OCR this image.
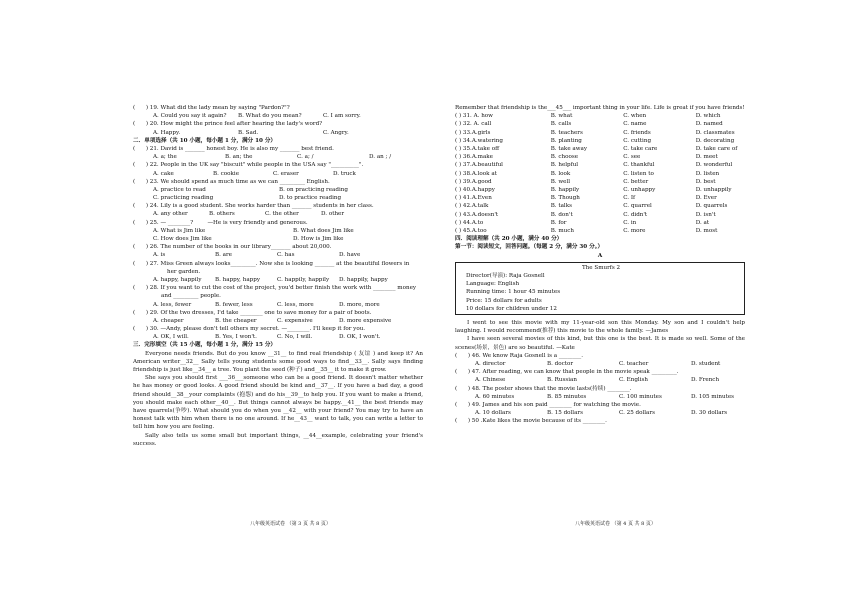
(      ) 19. What did the lady mean by saying "Pardon?"?
A. Could you say it again?	B. What do you mean?	C. I am sorry.
(      ) 20. How might the prince feel after hearing the lady's word?
A. Happy.	B. Sad.	C. Angry.
二．单项选择（共 10 小题，每小题 1 分，满分 10 分）
(      ) 21. David is _______ honest boy. He is also my _______ best friend.
A. a; the	B. an; the	C. a; /	D. an ; /
(      ) 22. People in the UK say "biscuit" while people in the USA say "__________".
A. cake	B. cookie	C. eraser	D. truck
(      ) 23. We should spend as much time as we can _________ English.
A. practice to read	B. on practicing reading
C. practicing reading	D. to practice reading
(      ) 24. Lily is a good student. She works harder than _______ students in her class.
A. any other	B. others	C. the other	D. other
(      ) 25. — ________?        —He is very friendly and generous.
A. What is Jim like	B. What does Jim like
C. How does Jim like	D. How is Jim like
(      ) 26. The number of the books in our library_______ about 20,000.
A. is	B. are	C. has	D. have
(      ) 27. Miss Green always looks_________. Now she is looking _______ at the beautiful flowers in
her garden.
A. happy, happily	B. happy, happy	C. happily, happily	D. happily, happy
(      ) 28. If you want to cut the cost of the project, you'd better finish the work with ________ money
and _________ people.
A. less, fewer	B. fewer, less	C. less, more	D. more, more
(      ) 29. Of the two dresses, I'd take ________ one to save money for a pair of boots.
A. cheaper	B. the cheaper	C. expensive	D. more expensive
(      ) 30. —Andy, please don't tell others my secret. —________. I'll keep it for you.
A. OK, I will.	B. Yes, I won't.	C. No, I will.	D. OK, I won't.
三．完形填空（共 15 小题，每小题 1 分，满分 15 分）

Everyone needs friends. But do you know __31__ to find real friendship ( 友谊 ) and keep it? An American writer__32__ Sally tells young students some good ways to find__33__. Sally says finding friendship is just like__34__ a tree. You plant the seed (种子) and__35__ it to make it grow.

She says you should first ___36___someone who can be a good friend. It doesn't matter whether he has money or good looks. A good friend should be kind and__37__. If you have a bad day, a good friend should__38__your complaints (抱怨) and do his__39__to help you. If you want to make a friend, you should make each other__40__. But things cannot always be happy.__41__ the best friends may have quarrels(争吵). What should you do when you __42__ with your friend? You may try to have an honest talk with him when there is no one around. If he__43__ want to talk, you can write a letter to tell him how you are feeling.

Sally also tells us some small but important things, __44__example, celebrating your friend's success.

八年级英语试卷 （第 3 页 共 8 页）
Remember that friendship is the___45___ important thing in your life. Life is great if you have friends!
( ) 31. A. how	B. what	C. when	D. which
( ) 32. A. call	B. calls	C. name	D. named
( ) 33.A.girls	B. teachers	C. friends	D. classmates
( ) 34.A.watering	B. planting	C. cutting	D. decorating
( ) 35.A.take off	B. take away	C. take care	D. take care of
( ) 36.A.make	B. choose	C. see	D. meet
( ) 37.A.beautiful	B. helpful	C. thankful	D. wonderful
( ) 38.A.look at	B. look	C. listen to	D. listen
( ) 39.A.good	B. well	C. better	D. best
( ) 40.A.happy	B. happily	C. unhappy	D. unhappily
( ) 41.A.Even	B. Though	C. If	D. Ever
( ) 42.A.talk	B. talks	C. quarrel	D. quarrels
( ) 43.A.doesn't	B. don't	C. didn't	D. isn't
( ) 44.A.to	B. for	C. in	D. at
( ) 45.A.too	B. much	C. more	D. most
四．阅读理解（共 20 小题，满分 40 分）
第一节：阅读短文，回答问题。（每题 2 分，满分 30 分。）
A
The Smurfs 2
Director(导演): Raja Gosnell
Language: English
Running time: 1 hour 45 minutes
Price: 15 dollars for adults
10 dollars for children under 12

I went to see this movie with my 11-year-old son this Monday. My son and I couldn't help laughing. I would recommend(推荐) this movie to the whole family. —James

I have seen several movies of this kind, but this one is the best. It is made so well. Some of the scenes(场景，景色) are so beautiful. —Kate

(      ) 46. We know Raja Gosnell is a ________.
A. director	B. doctor	C. teacher	D. student
(      ) 47. After reading, we can know that people in the movie speak _________.
A. Chinese	B. Russian	C. English	D. French
(      ) 48. The poster shows that the movie lasts(持续) ________.
A. 60 minutes	B. 85 minutes	C. 100 minutes	D. 105 minutes
(      ) 49. James and his son paid ________ for watching the movie.
A. 10 dollars	B. 15 dollars	C. 25 dollars	D. 30 dollars
(      ) 50 .Kate likes the movie because of its ________.
八年级英语试卷 （第 4 页 共 8 页）
